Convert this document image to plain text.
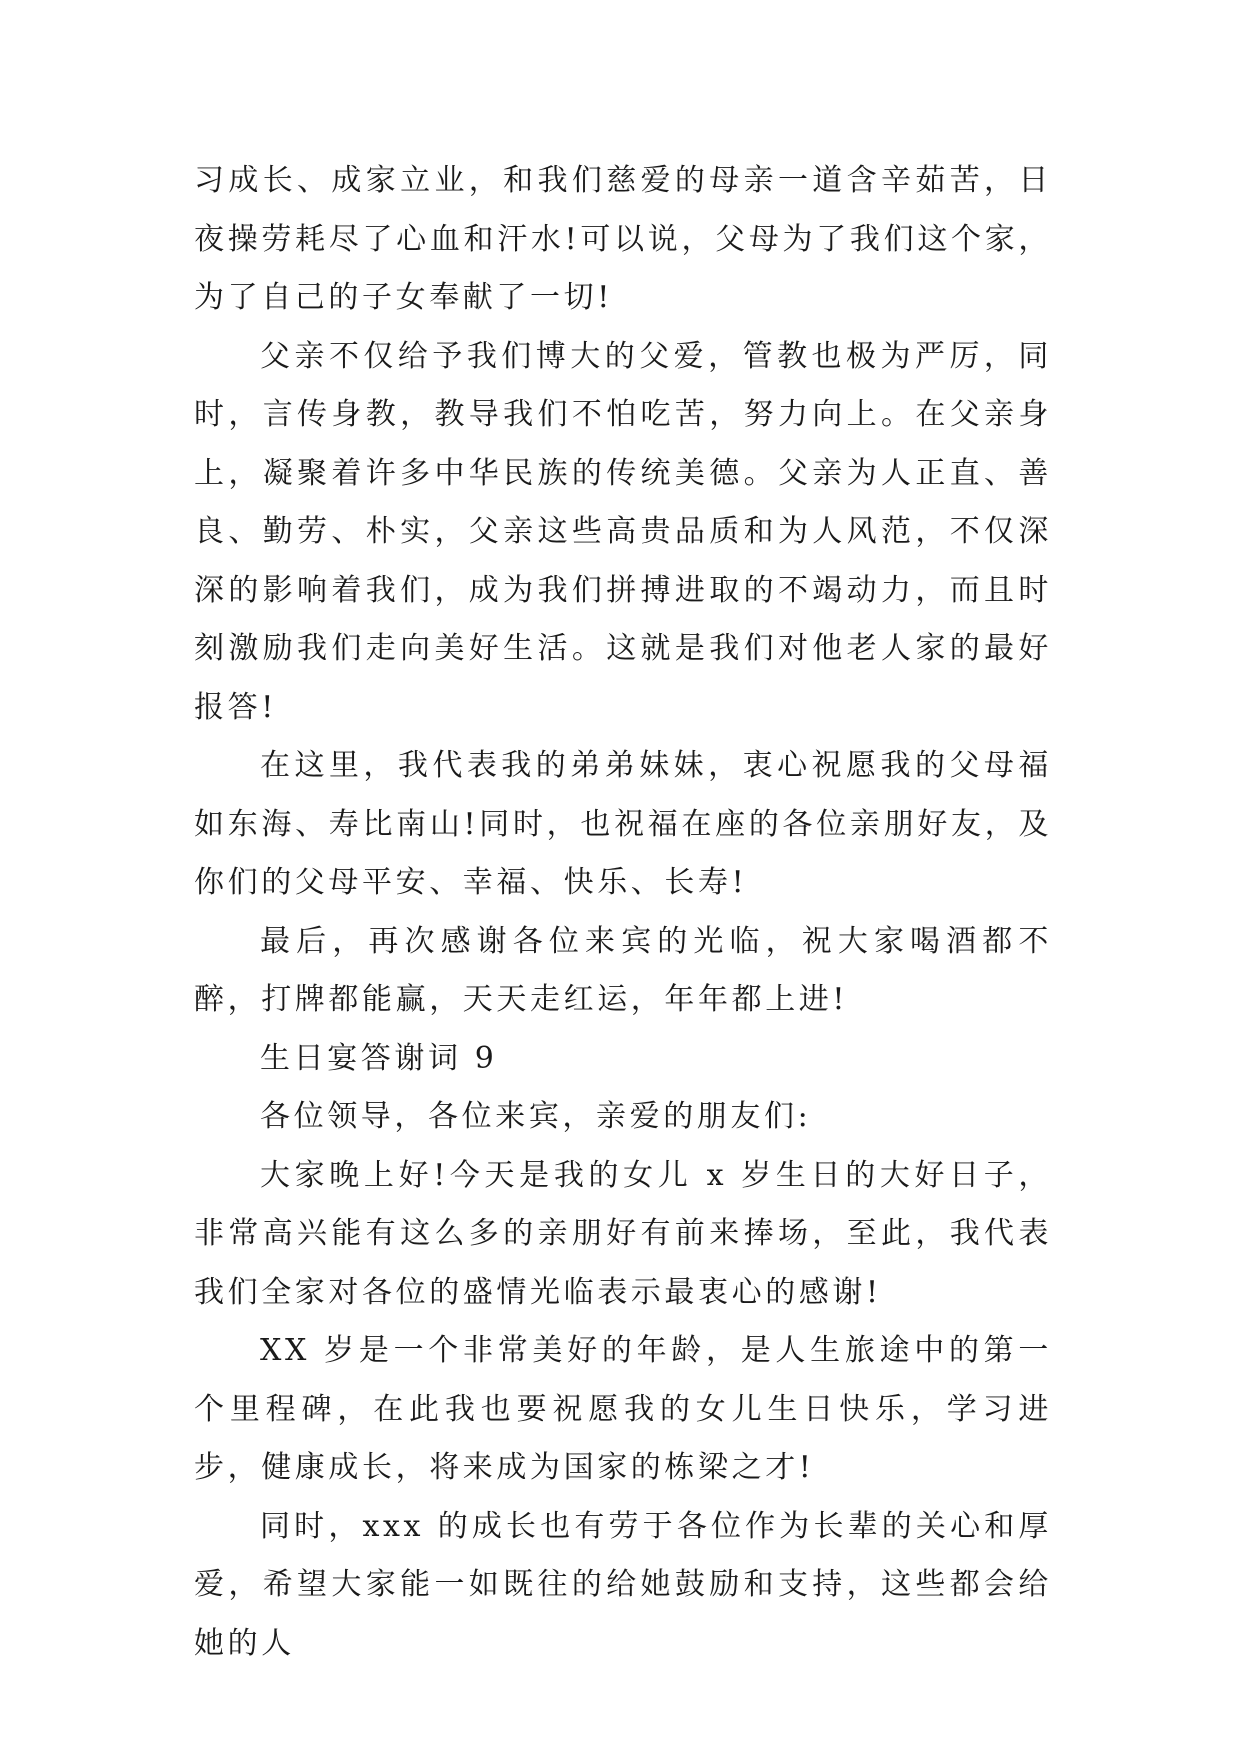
习成长、成家立业，和我们慈爱的母亲一道含辛茹苦，日夜操劳耗尽了心血和汗水!可以说，父母为了我们这个家，为了自己的子女奉献了一切!

父亲不仅给予我们博大的父爱，管教也极为严厉，同时，言传身教，教导我们不怕吃苦，努力向上。在父亲身上，凝聚着许多中华民族的传统美德。父亲为人正直、善良、勤劳、朴实，父亲这些高贵品质和为人风范，不仅深深的影响着我们，成为我们拼搏进取的不竭动力，而且时刻激励我们走向美好生活。这就是我们对他老人家的最好报答!

在这里，我代表我的弟弟妹妹，衷心祝愿我的父母福如东海、寿比南山!同时，也祝福在座的各位亲朋好友，及你们的父母平安、幸福、快乐、长寿!

最后，再次感谢各位来宾的光临，祝大家喝酒都不醉，打牌都能赢，天天走红运，年年都上进!

生日宴答谢词 9

各位领导，各位来宾，亲爱的朋友们:

大家晚上好!今天是我的女儿 x 岁生日的大好日子，非常高兴能有这么多的亲朋好有前来捧场，至此，我代表我们全家对各位的盛情光临表示最衷心的感谢!

XX 岁是一个非常美好的年龄，是人生旅途中的第一个里程碑，在此我也要祝愿我的女儿生日快乐，学习进步，健康成长，将来成为国家的栋梁之才!

同时，xxx 的成长也有劳于各位作为长辈的关心和厚爱，希望大家能一如既往的给她鼓励和支持，这些都会给她的人
